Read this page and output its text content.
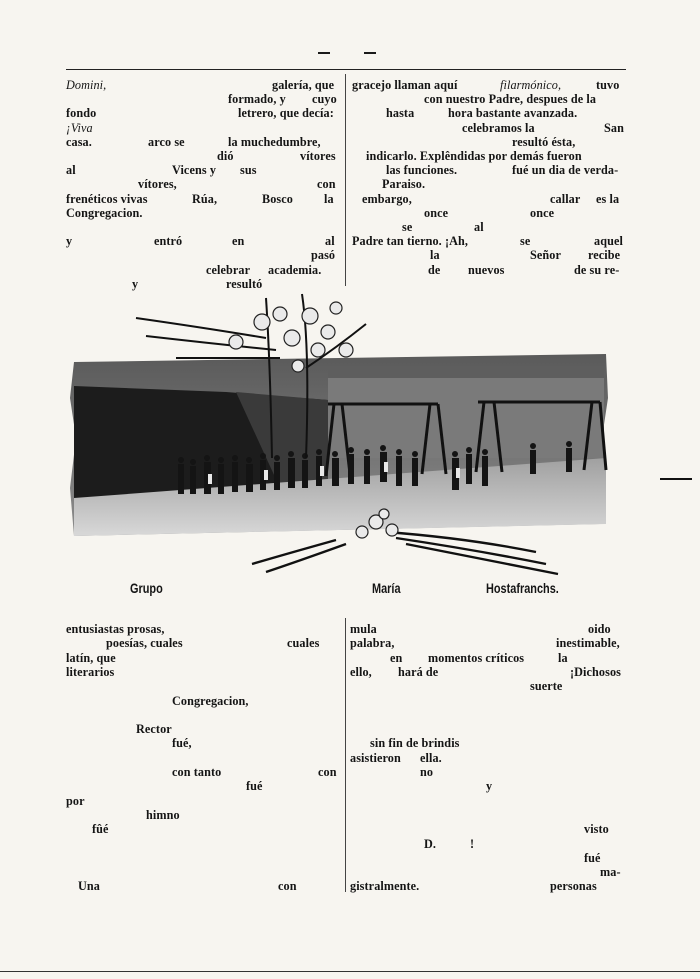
Domini,	galería, que
formado, y cuyo
fondo	letrero, que decía:
¡Viva
casa.	arco se	la muchedumbre,
dió	vítores
al	Vicens y sus
vítores,	con
frenéticos vivas	Rúa,	Bosco	la
Congregacion.
y	entró	en	al
pasó
celebrar academia.
y	resultó
gracejo llaman aquí	filarmónico,	tuvo
con nuestro Padre, despues de la
hasta	hora bastante avanzada.
celebramos la	San
resultó ésta,
indicarlo. Explêndidas por demás fueron
las funciones.	fué un dia de verda-
Paraiso.
embargo,	callar es la
once	once
se	al
Padre tan tierno. ¡Ah,	se	aquel
la	Señor recibe
de nuevos	de su re-
Grupo	María	Hostafranchs.
entusiastas prosas,
poesías, cuales	cuales
latín, que
literarios
Congregacion,
Rector
fué,
con tanto	con
fué
por
himno
fûé
Una	con
mula	oido
palabra,	inestimable,
en momentos críticos	la
ello, hará de	¡Dichosos
suerte
sin fin de brindis
asistieron ella.
no
y
visto
D.	!
fué
ma-
gistralmente.	personas
